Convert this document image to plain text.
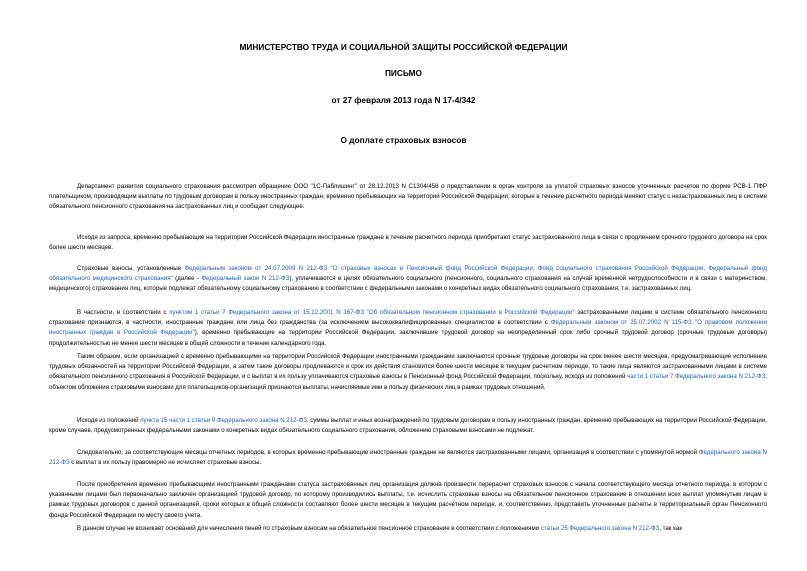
МИНИСТЕРСТВО ТРУДА И СОЦИАЛЬНОЙ ЗАЩИТЫ РОССИЙСКОЙ ФЕДЕРАЦИИ
ПИСЬМО
от 27 февраля 2013 года N 17-4/342
О доплате страховых взносов

Департамент развития социального страхования рассмотрел обращение ООО "1С-Паблишинг" от 28.12.2013 N С1304/458 о представлении в орган контроля за уплатой страховых взносов уточненных расчетов по форме РСВ-1 ПФР плательщиком, производящим выплаты по трудовым договорам в пользу иностранных граждан, временно пребывающих на территории Российской Федерации, которые в течение расчетного периода меняют статус с незастрахованных лиц в системе обязательного пенсионного страхования на застрахованных лиц и сообщает следующее.

Исходя из запроса, временно пребывающие на территории Российской Федерации иностранные граждане в течение расчетного периода приобретают статус застрахованного лица в связи с продлением срочного трудового договора на срок более шести месяцев.

Страховые взносы, установленные Федеральным законом от 24.07.2009 N 212-ФЗ "О страховых взносах в Пенсионный фонд Российской Федерации, Фонд социального страхования Российской Федерации, Федеральный фонд обязательного медицинского страхования" (далее - Федеральный закон N 212-ФЗ), уплачиваются в целях обязательного социального (пенсионного, социального страхования на случай временной нетрудоспособности и в связи с материнством, медицинского) страхования лиц, которые подлежат обязательному социальному страхованию в соответствии с федеральными законами о конкретных видах обязательного социального страхования, т.е. застрахованных лиц.

В частности, в соответствии с пунктом 1 статьи 7 Федерального закона от 15.12.2001 N 167-ФЗ "Об обязательном пенсионном страховании в Российской Федерации" застрахованными лицами в системе обязательного пенсионного страхования признаются, в частности, иностранные граждане или лица без гражданства (за исключением высококвалифицированных специалистов в соответствии с Федеральным законом от 25.07.2002 N 115-ФЗ "О правовом положении иностранных граждан в Российской Федерации"), временно пребывающие на территории Российской Федерации, заключившие трудовой договор на неопределенный срок либо срочный трудовой договор (срочные трудовые договоры) продолжительностью не менее шести месяцев в общей сложности в течение календарного года.

Таким образом, если организацией с временно пребывающими на территории Российской Федерации иностранными гражданами заключаются срочные трудовые договоры на срок менее шести месяцев, предусматривающие исполнение трудовых обязанностей на территории Российской Федерации, а затем такие договоры продлеваются и срок их действия становится более шести месяцев в текущем расчетном периоде, то такие лица являются застрахованными лицами в системе обязательного пенсионного страхования в Российской Федерации, и с выплат в их пользу уплачиваются страховые взносы в Пенсионный фонд Российской Федерации, поскольку, исходя из положений части 1 статьи 7 Федерального закона N 212-ФЗ, объектом обложения страховыми взносами для плательщиков-организаций признаются выплаты, начисляемые ими в пользу физических лиц в рамках трудовых отношений.

Исходя из положений пункта 15 части 1 статьи 9 Федерального закона N 212-ФЗ, суммы выплат и иных вознаграждений по трудовым договорам в пользу иностранных граждан, временно пребывающих на территории Российской Федерации, кроме случаев, предусмотренных федеральными законами о конкретных видах обязательного социального страхования, обложению страховыми взносами не подлежат.

Следовательно, за соответствующие месяцы отчетных периодов, в которых временно пребывающие иностранные граждане не являются застрахованными лицами, организация в соответствии с упомянутой нормой Федерального закона N 212-ФЗ с выплат в их пользу правомерно не исчисляет страховые взносы.

После приобретения временно пребывающими иностранными гражданами статуса застрахованных лиц организация должна произвести перерасчет страховых взносов с начала соответствующего месяца отчетного периода, в котором с указанными лицами был первоначально заключен организацией трудовой договор, по которому производились выплаты, т.е. исчислить страховые взносы на обязательное пенсионное страхование в отношении всех выплат упомянутым лицам в рамках трудовых договоров с данной организацией, сроки которых в общей сложности составляют более шести месяцев в текущем расчетном периоде, и, соответственно, представить уточненные расчеты в территориальный орган Пенсионного фонда Российской Федерации по месту своего учета.

В данном случае не возникает оснований для начисления пеней по страховым взносам на обязательное пенсионное страхование в соответствии с положениями статьи 25 Федерального закона N 212-ФЗ, так как
